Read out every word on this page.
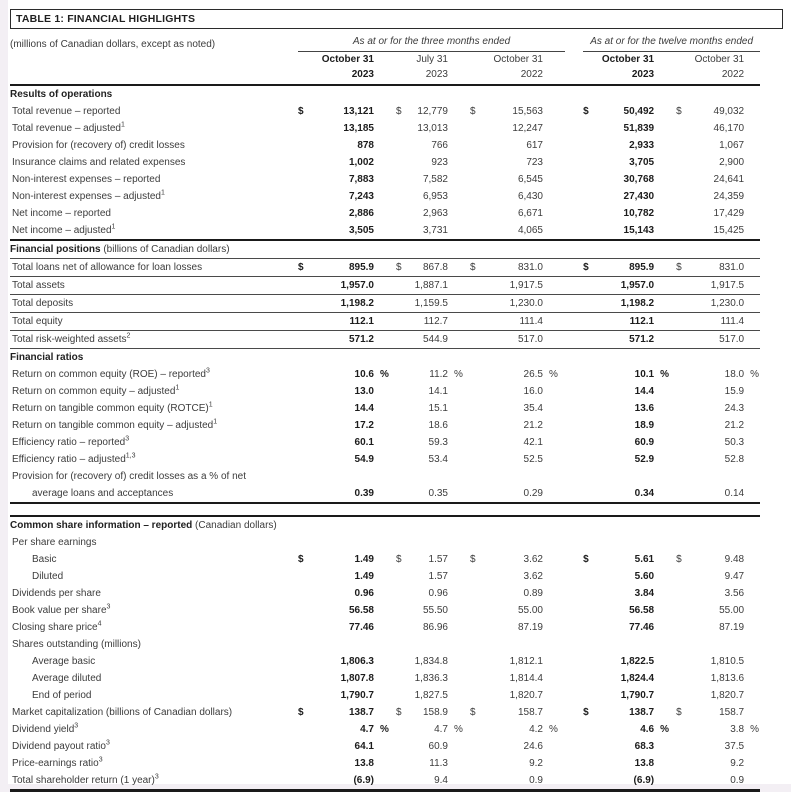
TABLE 1: FINANCIAL HIGHLIGHTS
(millions of Canadian dollars, except as noted)	As at or for the three months ended										As at or for the twelve months ended					
	October 31			July 31			October 31				October 31			October 31		
	2023			2023			2022				2023			2022		
Results of operations																
Total revenue – reported	$	13,121		$	12,779		$	15,563			$	50,492		$	49,032	
Total revenue – adjusted$^1$		13,185			13,013			12,247				51,839			46,170	
Provision for (recovery of) credit losses		878			766			617				2,933			1,067	
Insurance claims and related expenses		1,002			923			723				3,705			2,900	
Non-interest expenses – reported		7,883			7,582			6,545				30,768			24,641	
Non-interest expenses – adjusted$^1$		7,243			6,953			6,430				27,430			24,359	
Net income – reported		2,886			2,963			6,671				10,782			17,429	
Net income – adjusted$^1$		3,505			3,731			4,065				15,143			15,425	
Financial positions (billions of Canadian dollars)																
Total loans net of allowance for loan losses	$	895.9		$	867.8		$	831.0			$	895.9		$	831.0	
Total assets		1,957.0			1,887.1			1,917.5				1,957.0			1,917.5	
Total deposits		1,198.2			1,159.5			1,230.0				1,198.2			1,230.0	
Total equity		112.1			112.7			111.4				112.1			111.4	
Total risk-weighted assets$^2$		571.2			544.9			517.0				571.2			517.0	
Financial ratios																
Return on common equity (ROE) – reported$^3$		10.6	%		11.2	%		26.5	%			10.1	%		18.0	%
Return on common equity – adjusted$^1$		13.0			14.1			16.0				14.4			15.9	
Return on tangible common equity (ROTCE)$^1$		14.4			15.1			35.4				13.6			24.3	
Return on tangible common equity – adjusted$^1$		17.2			18.6			21.2				18.9			21.2	
Efficiency ratio – reported$^3$		60.1			59.3			42.1				60.9			50.3	
Efficiency ratio – adjusted$^{1,3}$		54.9			53.4			52.5				52.9			52.8	
Provision for (recovery of) credit losses as a % of net																
average loans and acceptances		0.39			0.35			0.29				0.34			0.14	

Common share information – reported (Canadian dollars)																
Per share earnings																
Basic	$	1.49		$	1.57		$	3.62			$	5.61		$	9.48	
Diluted		1.49			1.57			3.62				5.60			9.47	
Dividends per share		0.96			0.96			0.89				3.84			3.56	
Book value per share$^3$		56.58			55.50			55.00				56.58			55.00	
Closing share price$^4$		77.46			86.96			87.19				77.46			87.19	
Shares outstanding (millions)																
Average basic		1,806.3			1,834.8			1,812.1				1,822.5			1,810.5	
Average diluted		1,807.8			1,836.3			1,814.4				1,824.4			1,813.6	
End of period		1,790.7			1,827.5			1,820.7				1,790.7			1,820.7	
Market capitalization (billions of Canadian dollars)	$	138.7		$	158.9		$	158.7			$	138.7		$	158.7	
Dividend yield$^3$		4.7	%		4.7	%		4.2	%			4.6	%		3.8	%
Dividend payout ratio$^3$		64.1			60.9			24.6				68.3			37.5	
Price-earnings ratio$^3$		13.8			11.3			9.2				13.8			9.2	
Total shareholder return (1 year)$^3$		(6.9)			9.4			0.9				(6.9)			0.9	
